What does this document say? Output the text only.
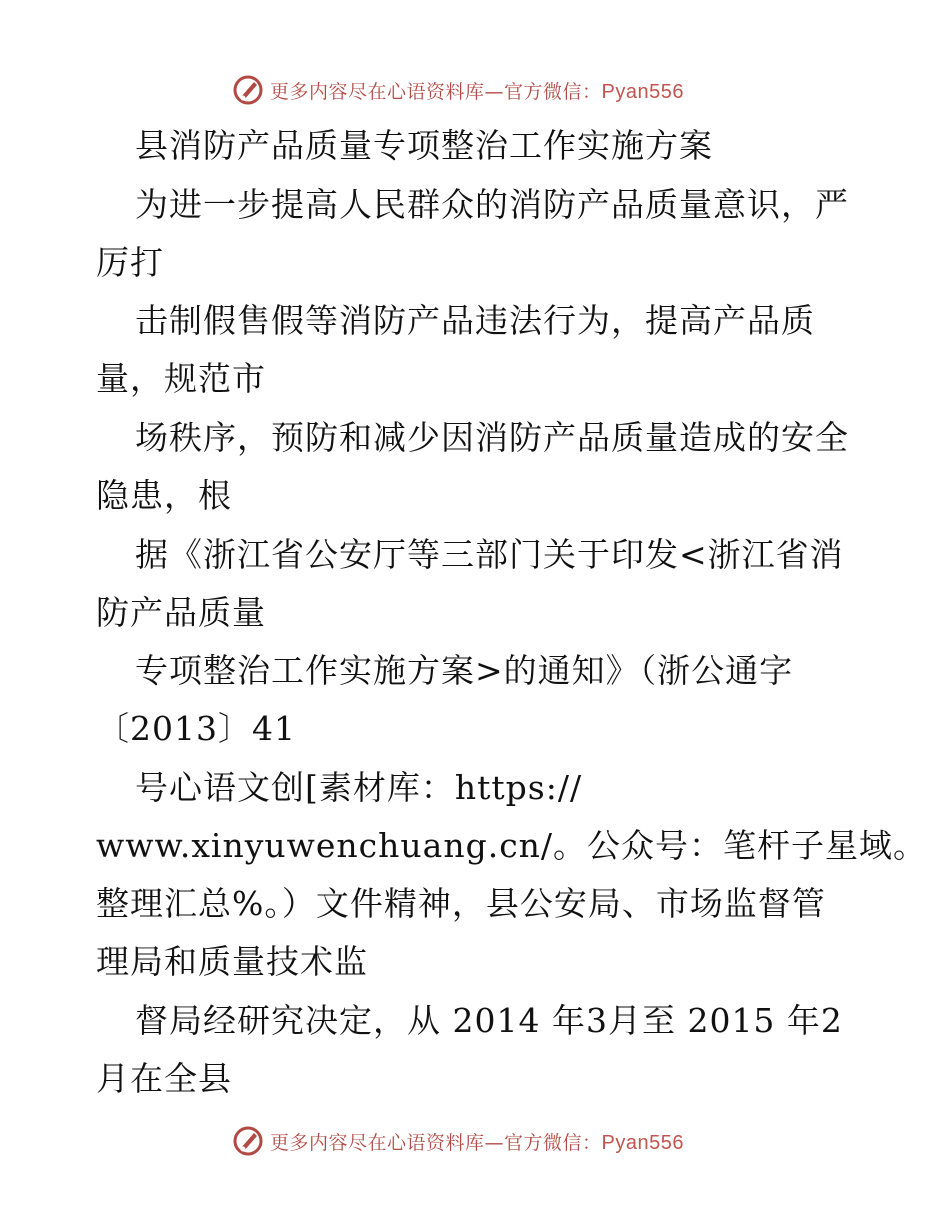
更多内容尽在心语资料库—官方微信：Pyan556
县消防产品质量专项整治工作实施方案
为进一步提高人民群众的消防产品质量意识，严
厉打
击制假售假等消防产品违法行为，提高产品质
量，规范市
场秩序，预防和减少因消防产品质量造成的安全
隐患，根
据《浙江省公安厅等三部门关于印发<浙江省消
防产品质量
专项整治工作实施方案>的通知》（浙公通字
〔2013〕41
号心语文创[素材库：https://
www.xinyuwenchuang.cn/。公众号：笔杆子星域。
整理汇总%。）文件精神，县公安局、市场监督管
理局和质量技术监
督局经研究决定，从 2014 年3月至 2015 年2
月在全县
更多内容尽在心语资料库—官方微信：Pyan556
